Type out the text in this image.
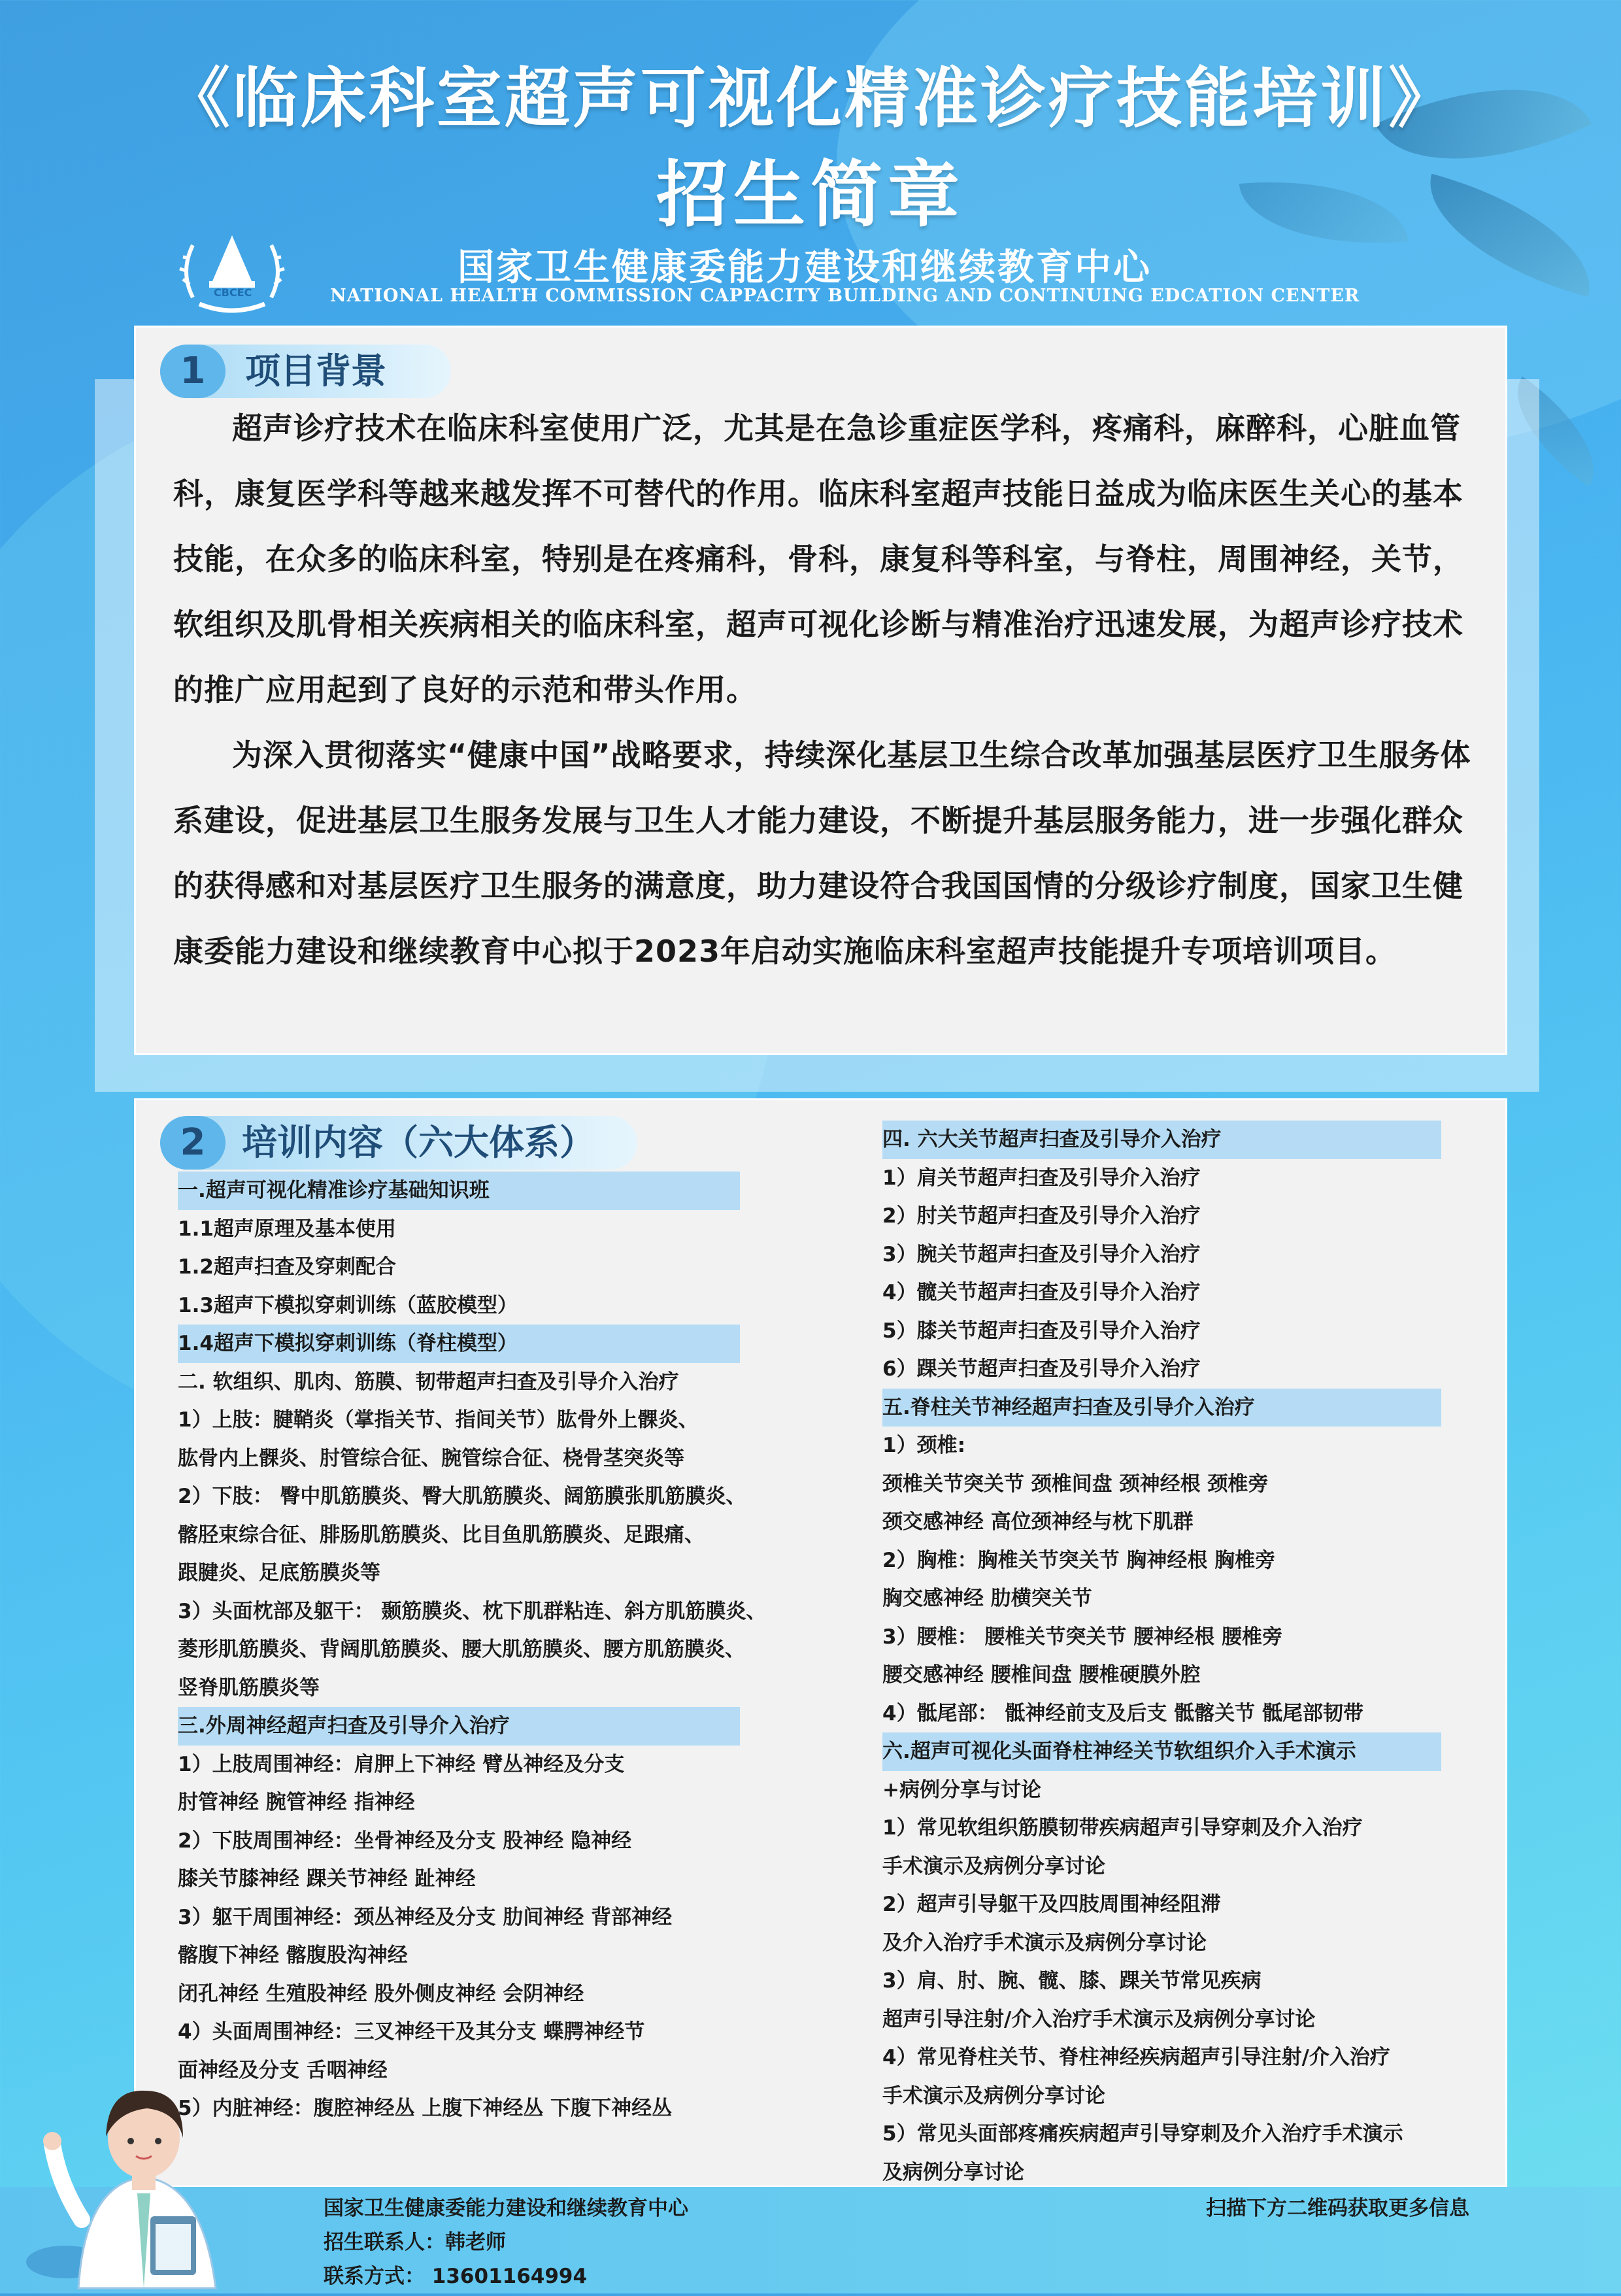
《临床科室超声可视化精准诊疗技能培训》
招生简章
CBCEC
国家卫生健康委能力建设和继续教育中心
NATIONAL HEALTH COMMISSION CAPPACITY BUILDING AND CONTINUING EDCATION CENTER
1	项目背景

超声诊疗技术在临床科室使用广泛，尤其是在急诊重症医学科，疼痛科，麻醉科，心脏血管科，康复医学科等越来越发挥不可替代的作用。临床科室超声技能日益成为临床医生关心的基本技能，在众多的临床科室，特别是在疼痛科，骨科，康复科等科室，与脊柱，周围神经，关节，软组织及肌骨相关疾病相关的临床科室，超声可视化诊断与精准治疗迅速发展，为超声诊疗技术的推广应用起到了良好的示范和带头作用。

为深入贯彻落实“健康中国”战略要求，持续深化基层卫生综合改革加强基层医疗卫生服务体系建设，促进基层卫生服务发展与卫生人才能力建设，不断提升基层服务能力，进一步强化群众的获得感和对基层医疗卫生服务的满意度，助力建设符合我国国情的分级诊疗制度，国家卫生健康委能力建设和继续教育中心拟于2023年启动实施临床科室超声技能提升专项培训项目。

2	培训内容（六大体系）
一.超声可视化精准诊疗基础知识班
1.1超声原理及基本使用
1.2超声扫查及穿刺配合
1.3超声下模拟穿刺训练（蓝胶模型）
1.4超声下模拟穿刺训练（脊柱模型）
二. 软组织、肌肉、筋膜、韧带超声扫查及引导介入治疗
1）上肢：腱鞘炎（掌指关节、指间关节）肱骨外上髁炎、
肱骨内上髁炎、肘管综合征、腕管综合征、桡骨茎突炎等
2）下肢： 臀中肌筋膜炎、臀大肌筋膜炎、阔筋膜张肌筋膜炎、
髂胫束综合征、腓肠肌筋膜炎、比目鱼肌筋膜炎、足跟痛、
跟腱炎、足底筋膜炎等
3）头面枕部及躯干： 颞筋膜炎、枕下肌群粘连、斜方肌筋膜炎、
菱形肌筋膜炎、背阔肌筋膜炎、腰大肌筋膜炎、腰方肌筋膜炎、
竖脊肌筋膜炎等
三.外周神经超声扫查及引导介入治疗
1）上肢周围神经：肩胛上下神经 臂丛神经及分支
肘管神经 腕管神经 指神经
2）下肢周围神经：坐骨神经及分支 股神经 隐神经
膝关节膝神经 踝关节神经 趾神经
3）躯干周围神经：颈丛神经及分支 肋间神经 背部神经
髂腹下神经 髂腹股沟神经
闭孔神经 生殖股神经 股外侧皮神经 会阴神经
4）头面周围神经：三叉神经干及其分支 蝶腭神经节
面神经及分支 舌咽神经
5）内脏神经：腹腔神经丛 上腹下神经丛 下腹下神经丛
四. 六大关节超声扫查及引导介入治疗
1）肩关节超声扫查及引导介入治疗
2）肘关节超声扫查及引导介入治疗
3）腕关节超声扫查及引导介入治疗
4）髋关节超声扫查及引导介入治疗
5）膝关节超声扫查及引导介入治疗
6）踝关节超声扫查及引导介入治疗
五.脊柱关节神经超声扫查及引导介入治疗
1）颈椎:
颈椎关节突关节 颈椎间盘 颈神经根 颈椎旁
颈交感神经 高位颈神经与枕下肌群
2）胸椎：胸椎关节突关节 胸神经根 胸椎旁
胸交感神经 肋横突关节
3）腰椎： 腰椎关节突关节 腰神经根 腰椎旁
腰交感神经 腰椎间盘 腰椎硬膜外腔
4）骶尾部： 骶神经前支及后支 骶髂关节 骶尾部韧带
六.超声可视化头面脊柱神经关节软组织介入手术演示
+病例分享与讨论
1）常见软组织筋膜韧带疾病超声引导穿刺及介入治疗
手术演示及病例分享讨论
2）超声引导躯干及四肢周围神经阻滞
及介入治疗手术演示及病例分享讨论
3）肩、肘、腕、髋、膝、踝关节常见疾病
超声引导注射/介入治疗手术演示及病例分享讨论
4）常见脊柱关节、脊柱神经疾病超声引导注射/介入治疗
手术演示及病例分享讨论
5）常见头面部疼痛疾病超声引导穿刺及介入治疗手术演示
及病例分享讨论
国家卫生健康委能力建设和继续教育中心
招生联系人：韩老师
联系方式： 13601164994
扫描下方二维码获取更多信息
